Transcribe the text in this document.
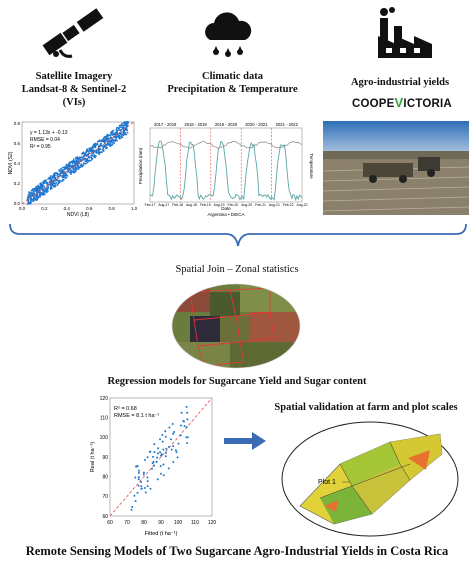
Satellite Imagery
Landsat-8 & Sentinel-2
(VIs)
Climatic data
Precipitation & Temperature
Agro-industrial yields
COOPEVICTORIA
y = 1.13x + -0.13
RMSE = 0.04
R² = 0.95
0.0	0.2	0.4	0.6	0.8	1.0
0.0
0.2
0.4
0.6
0.8
NDVI (L8)
NDVI (S2)
2017 - 2018 2018 - 2019 2019 - 2020 2020 - 2021 2021 - 2022
Feb-17 Aug-17 Feb-18 Aug-18 Feb-19 Aug-19 Feb-20 Aug-20 Feb-21 Aug-21 Feb-22 Aug-22
Precipitation (mm)	Temperature
Date
Argentina • DIECA
Spatial Join – Zonal statistics
Regression models for Sugarcane Yield and Sugar content
R² = 0.68
RMSE = 8.1 t ha⁻¹
60 70 80 90 100 110 120
60
70
80
90
100
110
120
Fitted (t ha⁻¹)
Real (t ha⁻¹)
Spatial validation at farm and plot scales
Plot 1
Remote Sensing Models of Two Sugarcane Agro-Industrial Yields in Costa Rica
